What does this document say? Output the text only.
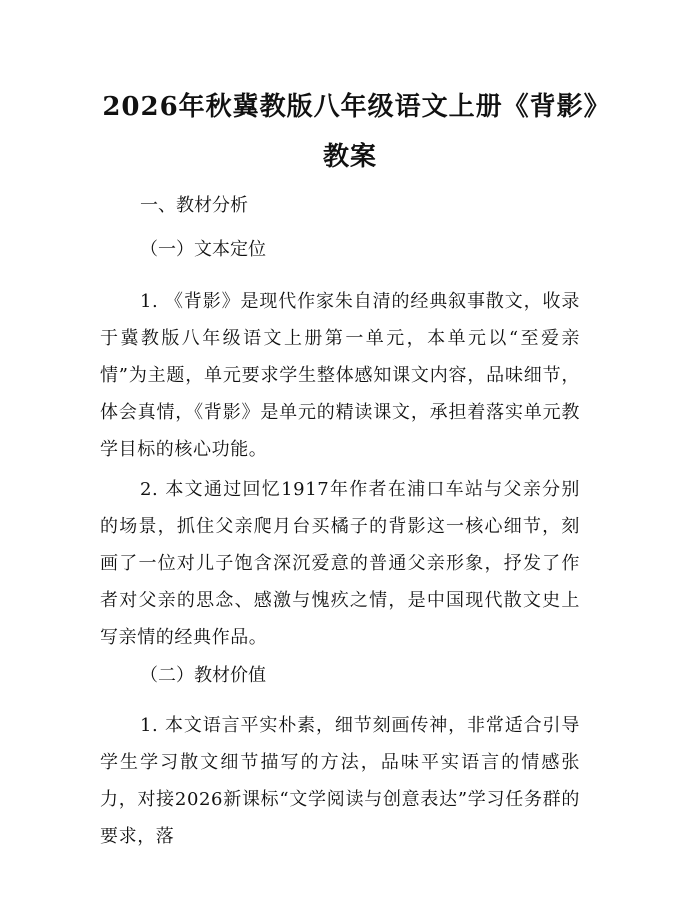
2026年秋冀教版八年级语文上册《背影》教案
一、教材分析
（一）文本定位
1. 《背影》是现代作家朱自清的经典叙事散文，收录于冀教版八年级语文上册第一单元，本单元以“至爱亲情”为主题，单元要求学生整体感知课文内容，品味细节，体会真情，《背影》是单元的精读课文，承担着落实单元教学目标的核心功能。
2. 本文通过回忆1917年作者在浦口车站与父亲分别的场景，抓住父亲爬月台买橘子的背影这一核心细节，刻画了一位对儿子饱含深沉爱意的普通父亲形象，抒发了作者对父亲的思念、感激与愧疚之情，是中国现代散文史上写亲情的经典作品。
（二）教材价值
1. 本文语言平实朴素，细节刻画传神，非常适合引导学生学习散文细节描写的方法，品味平实语言的情感张力，对接2026新课标“文学阅读与创意表达”学习任务群的要求，落
